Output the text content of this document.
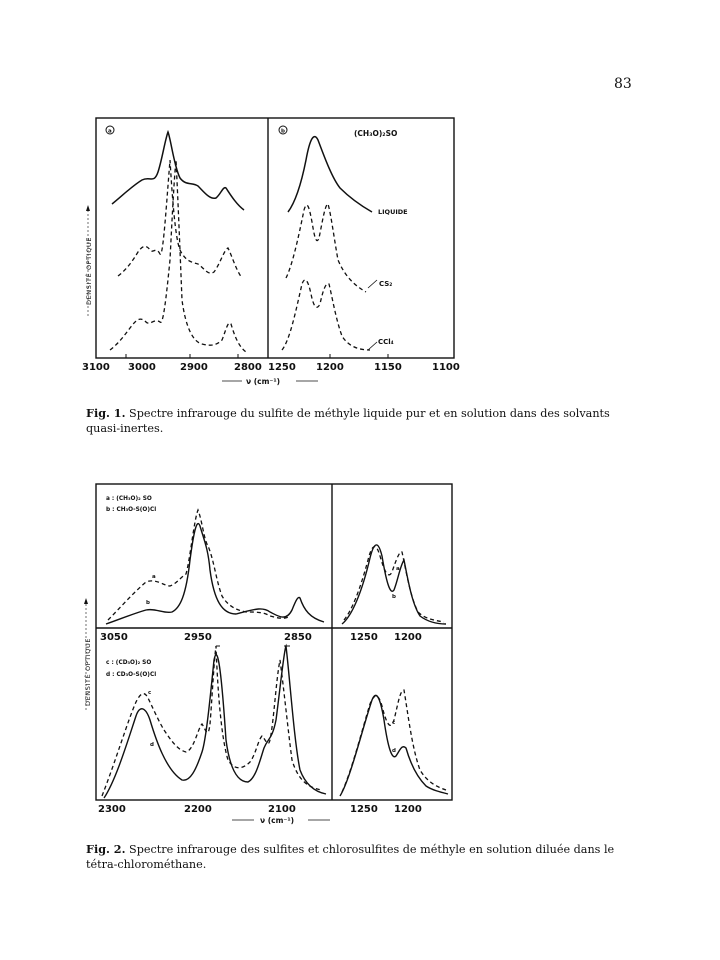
83
a	b	(CH₃O)₂SO
LIQUIDE
CS₂
CCl₄
DENSITÉ OPTIQUE
3100 3000 2900	2800 1250 1200	1150	1100
ν (cm⁻¹)
a : (CH₃O)₂ SO
b : CH₃O-S(O)Cl
c : (CD₃O)₂ SO
d : CD₃O-S(O)Cl
a
b
a
b
3050	2950	2850	1250 1200
c
d
c
d
2300	2200	2100	1250 1200
DENSITÉ OPTIQUE
ν (cm⁻¹)
Fig. 1. Spectre infrarouge du sulfite de méthyle liquide pur et en solution dans des solvants quasi-inertes.
Fig. 2. Spectre infrarouge des sulfites et chlorosulfites de méthyle en solution diluée dans le tétra-chlorométhane.
